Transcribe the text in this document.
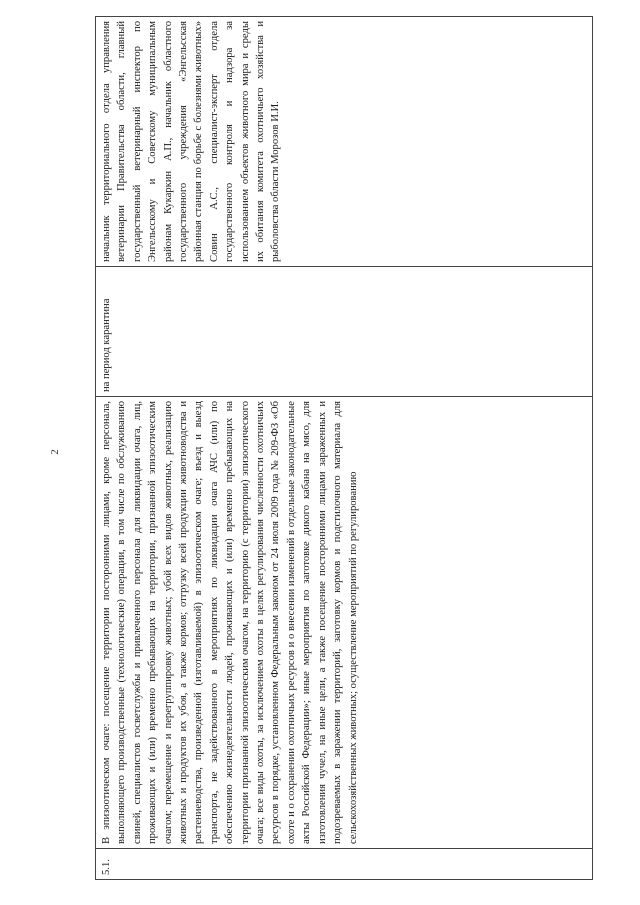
2
5.1.	В эпизоотическом очаге: посещение территории посторонними лицами, кроме персонала, выполняющего производственные (технологические) операции, в том числе по обслуживанию свиней, специалистов госветслужбы и привлеченного персонала для ликвидации очага, лиц, проживающих и (или) временно пребывающих на территории, признанной эпизоотическим очагом; перемещение и перегруппировку животных; убой всех видов животных, реализацию животных и продуктов их убоя, а также кормов; отгрузку всей продукции животноводства и растениеводства, произведенной (изготавливаемой) в эпизоотическом очаге; въезд и выезд транспорта, не задействованного в мероприятиях по ликвидации очага АЧС (или) по обеспечению жизнедеятельности людей, проживающих и (или) временно пребывающих на территории признанной эпизоотическим очагом, на территорию (с территории) эпизоотического очага; все виды охоты, за исключением охоты в целях регулирования численности охотничьих ресурсов в порядке, установленном Федеральным законом от 24 июля 2009 года № 209-ФЗ «Об охоте и о сохранении охотничьих ресурсов и о внесении изменений в отдельные законодательные акты Российской Федерации»; иные мероприятия по заготовке дикого кабана на мясо, для изготовления чучел, на иные цели, а также посещение посторонними лицами зараженных и подозреваемых в заражении территорий, заготовку кормов и подстилочного материала для сельскохозяйственных животных; осуществление мероприятий по регулированию	на период карантина	начальник территориального отдела управления ветеринарии Правительства области, главный государственный ветеринарный инспектор по Энгельсскому и Советскому муниципальным районам Кукаркин А.П., начальник областного государственного учреждения «Энгельсская районная станция по борьбе с болезнями животных» Совин А.С., специалист-эксперт отдела государственного контроля и надзора за использованием объектов животного мира и среды их обитания комитета охотничьего хозяйства и рыболовства области Морозов И.И.
